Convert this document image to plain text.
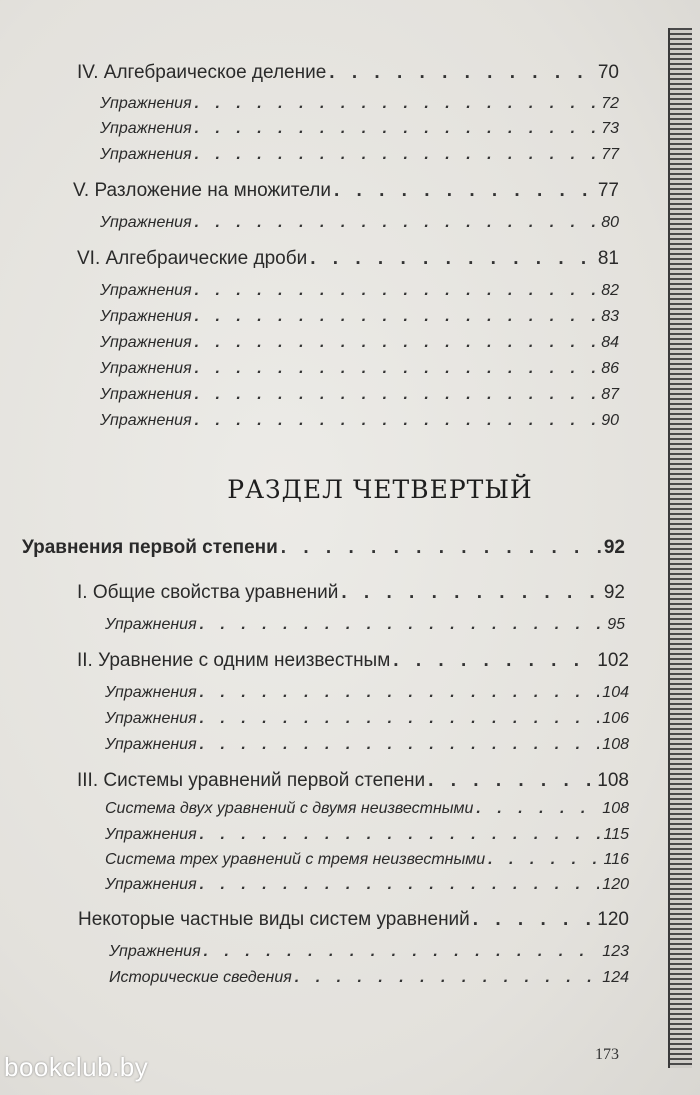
IV. Алгебраическое деление . . .	70
Упражнения . . .	72
Упражнения . . .	73
Упражнения . . .	77
V. Разложение на множители . . .	77
Упражнения . . .	80
VI. Алгебраические дроби . . .	81
Упражнения . . .	82
Упражнения . . .	83
Упражнения . . .	84
Упражнения . . .	86
Упражнения . . .	87
Упражнения . . .	90
РАЗДЕЛ ЧЕТВЕРТЫЙ
Уравнения первой степени . . .	92
I. Общие свойства уравнений . . .	92
Упражнения . . .	95
II. Уравнение с одним неизвестным . . .	102
Упражнения . . .	104
Упражнения . . .	106
Упражнения . . .	108
III. Системы уравнений первой степени . . .	108
Система двух уравнений с двумя неизвестными . . .	108
Упражнения . . .	115
Система трех уравнений с тремя неизвестными . . .	116
Упражнения . . .	120
Некоторые частные виды систем уравнений . . .	120
Упражнения . . .	123
Исторические сведения . . .	124
173
bookclub.by
